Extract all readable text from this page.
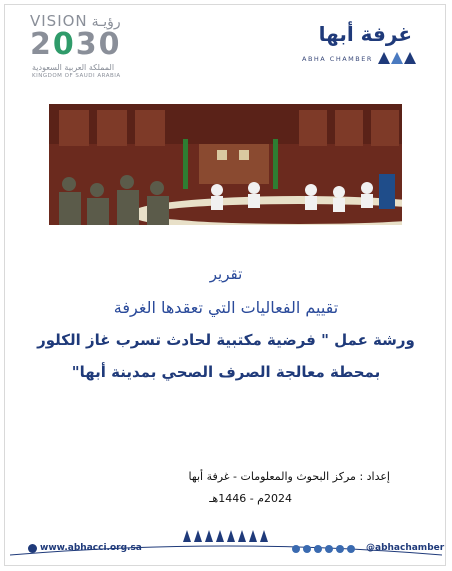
VISION رؤيـة
2030
المملكة العربية السعودية
KINGDOM OF SAUDI ARABIA
غرفة أبها
ABHA CHAMBER
تقرير
تقييم الفعاليات التي تعقدها الغرفة
ورشة عمل " فرضية مكتبية لحادث تسرب غاز الكلور
بمحطة معالجة الصرف الصحي بمدينة أبها"
إعداد : مركز البحوث والمعلومات - غرفة أبها
2024م - 1446هـ
www.abhacci.org.sa	@abhachamber
